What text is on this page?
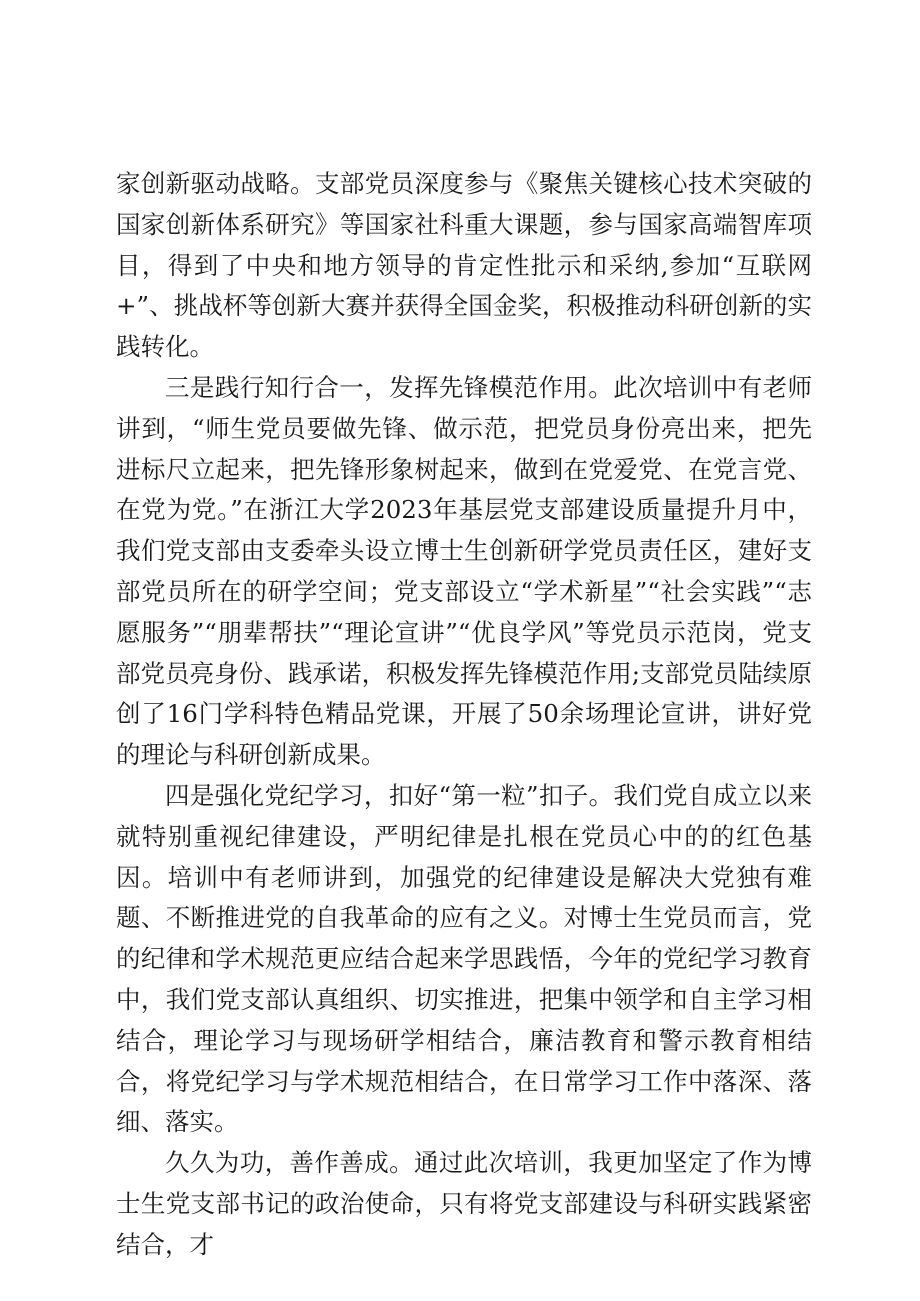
家创新驱动战略。支部党员深度参与《聚焦关键核心技术突破的国家创新体系研究》等国家社科重大课题，参与国家高端智库项目，得到了中央和地方领导的肯定性批示和采纳,参加“互联网+”、挑战杯等创新大赛并获得全国金奖，积极推动科研创新的实践转化。

三是践行知行合一，发挥先锋模范作用。此次培训中有老师讲到，“师生党员要做先锋、做示范，把党员身份亮出来，把先进标尺立起来，把先锋形象树起来，做到在党爱党、在党言党、在党为党。”在浙江大学2023年基层党支部建设质量提升月中，我们党支部由支委牵头设立博士生创新研学党员责任区，建好支部党员所在的研学空间；党支部设立“学术新星”“社会实践”“志愿服务”“朋辈帮扶”“理论宣讲”“优良学风”等党员示范岗，党支部党员亮身份、践承诺，积极发挥先锋模范作用;支部党员陆续原创了16门学科特色精品党课，开展了50余场理论宣讲，讲好党的理论与科研创新成果。

四是强化党纪学习，扣好“第一粒”扣子。我们党自成立以来就特别重视纪律建设，严明纪律是扎根在党员心中的的红色基因。培训中有老师讲到，加强党的纪律建设是解决大党独有难题、不断推进党的自我革命的应有之义。对博士生党员而言，党的纪律和学术规范更应结合起来学思践悟，今年的党纪学习教育中，我们党支部认真组织、切实推进，把集中领学和自主学习相结合，理论学习与现场研学相结合，廉洁教育和警示教育相结合，将党纪学习与学术规范相结合，在日常学习工作中落深、落细、落实。

久久为功，善作善成。通过此次培训，我更加坚定了作为博士生党支部书记的政治使命，只有将党支部建设与科研实践紧密结合，才
